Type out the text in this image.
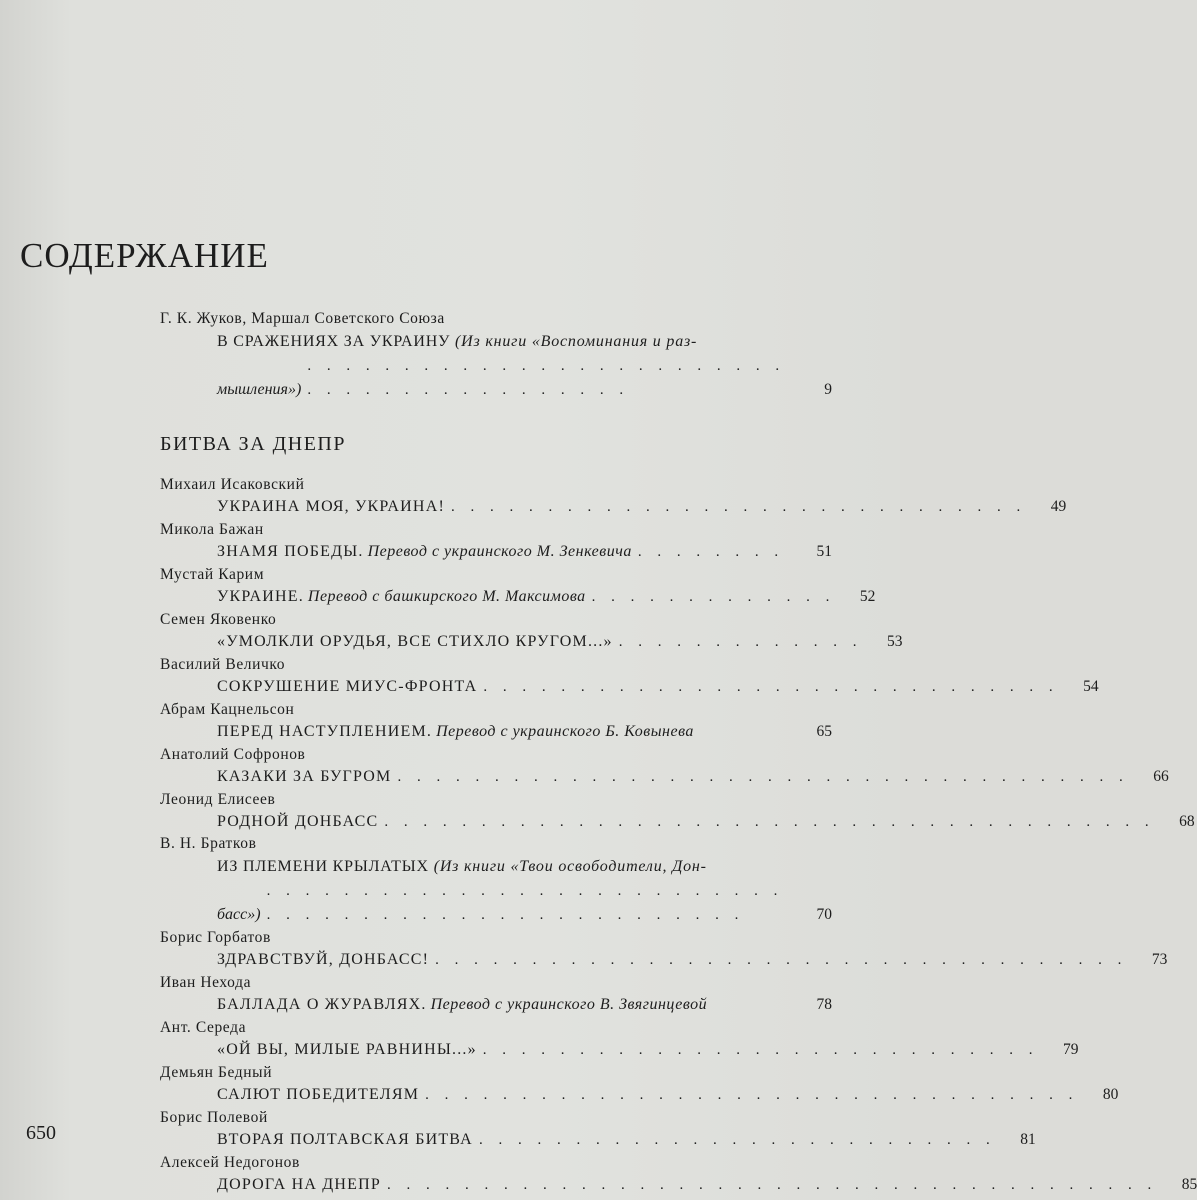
СОДЕРЖАНИЕ
Г. К. Жуков, Маршал Советского Союза
В СРАЖЕНИЯХ ЗА УКРАИНУ (Из книги «Воспоминания и раз-
мышления»)
. . . . . . . . . . . . . . . . . . . . . . . . . . . . . . . . . . . . . . . . . .	9
БИТВА ЗА ДНЕПР
Михаил Исаковский
УКРАИНА МОЯ, УКРАИНА! . . . . . . . . . . . . . . . . . . . . . . . . . . . . . .	49
Микола Бажан
ЗНАМЯ ПОБЕДЫ.
Перевод с украинского М. Зенкевича . . . . . . . .	51
Мустай Карим
УКРАИНЕ.
Перевод с башкирского М. Максимова . . . . . . . . . . . . .	52
Семен Яковенко
«УМОЛКЛИ ОРУДЬЯ, ВСЕ СТИХЛО КРУГОМ...» . . . . . . . . . . . . .	53
Василий Величко
СОКРУШЕНИЕ МИУС-ФРОНТА . . . . . . . . . . . . . . . . . . . . . . . . . . . . . .	54
Абрам Кацнельсон
ПЕРЕД НАСТУПЛЕНИЕМ.
Перевод с украинского Б. Ковынева	65
Анатолий Софронов
КАЗАКИ ЗА БУГРОМ . . . . . . . . . . . . . . . . . . . . . . . . . . . . . . . . . . . . . .	66
Леонид Елисеев
РОДНОЙ ДОНБАСС . . . . . . . . . . . . . . . . . . . . . . . . . . . . . . . . . . . . . . . .	68
В. Н. Братков
ИЗ ПЛЕМЕНИ КРЫЛАТЫХ (Из книги «Твои освободители, Дон-
басс»)
. . . . . . . . . . . . . . . . . . . . . . . . . . . . . . . . . . . . . . . . . . . . . . . . . . . .	70
Борис Горбатов
ЗДРАВСТВУЙ, ДОНБАСС! . . . . . . . . . . . . . . . . . . . . . . . . . . . . . . . . . . . .	73
Иван Нехода
БАЛЛАДА О ЖУРАВЛЯХ.
Перевод с украинского В. Звягинцевой	78
Ант. Середа
«ОЙ ВЫ, МИЛЫЕ РАВНИНЫ...» . . . . . . . . . . . . . . . . . . . . . . . . . . . . .	79
Демьян Бедный
САЛЮТ ПОБЕДИТЕЛЯМ . . . . . . . . . . . . . . . . . . . . . . . . . . . . . . . . . .	80
Борис Полевой
ВТОРАЯ ПОЛТАВСКАЯ БИТВА . . . . . . . . . . . . . . . . . . . . . . . . . . .	81
Алексей Недогонов
ДОРОГА НА ДНЕПР . . . . . . . . . . . . . . . . . . . . . . . . . . . . . . . . . . . . . . . .	85
650
